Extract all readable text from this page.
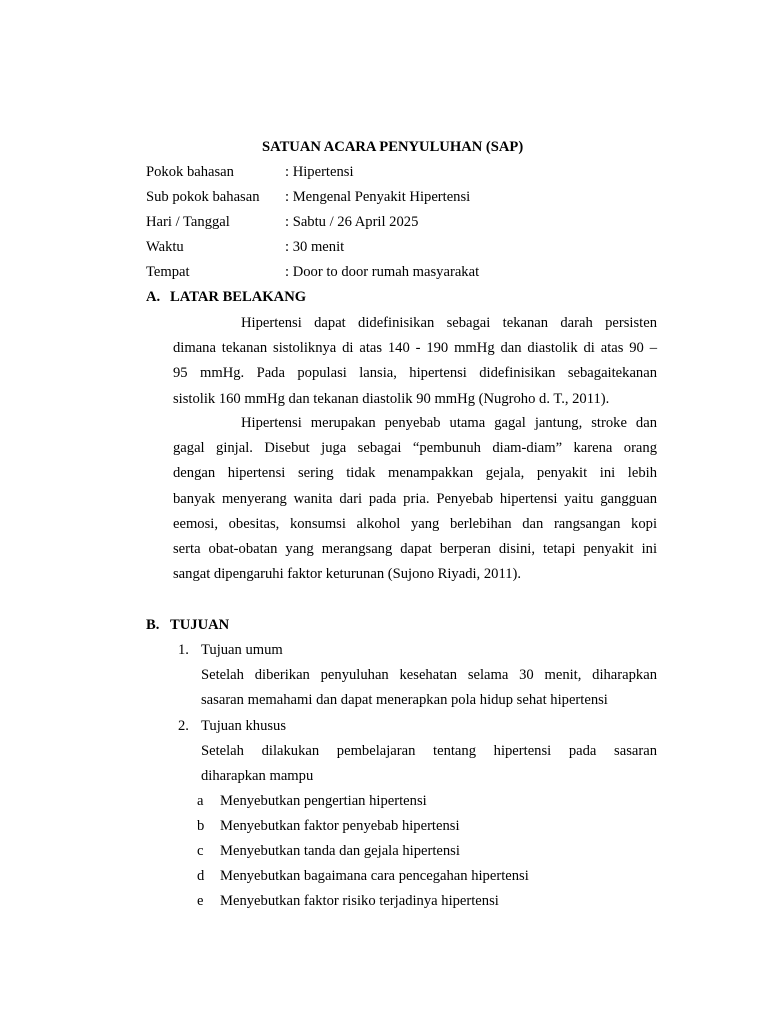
SATUAN ACARA PENYULUHAN (SAP)
Pokok bahasan	: Hipertensi
Sub pokok bahasan : Mengenal Penyakit Hipertensi
Hari / Tanggal	: Sabtu / 26 April 2025
Waktu	: 30 menit
Tempat	: Door to door rumah masyarakat
A. LATAR BELAKANG
Hipertensi dapat didefinisikan sebagai tekanan darah persisten
dimana tekanan sistoliknya di atas 140 - 190 mmHg dan diastolik di atas 90 –
95 mmHg. Pada populasi lansia, hipertensi didefinisikan sebagaitekanan
sistolik 160 mmHg dan tekanan diastolik 90 mmHg (Nugroho d. T., 2011).
Hipertensi merupakan penyebab utama gagal jantung, stroke dan
gagal ginjal. Disebut juga sebagai “pembunuh diam-diam” karena orang
dengan hipertensi sering tidak menampakkan gejala, penyakit ini lebih
banyak menyerang wanita dari pada pria. Penyebab hipertensi yaitu gangguan
eemosi, obesitas, konsumsi alkohol yang berlebihan dan rangsangan kopi
serta obat-obatan yang merangsang dapat berperan disini, tetapi penyakit ini
sangat dipengaruhi faktor keturunan (Sujono Riyadi, 2011).
B. TUJUAN
1. Tujuan umum
Setelah diberikan penyuluhan kesehatan selama 30 menit, diharapkan
sasaran memahami dan dapat menerapkan pola hidup sehat hipertensi
2. Tujuan khusus
Setelah dilakukan pembelajaran tentang hipertensi pada sasaran
diharapkan mampu
a Menyebutkan pengertian hipertensi
b Menyebutkan faktor penyebab hipertensi
c Menyebutkan tanda dan gejala hipertensi
d Menyebutkan bagaimana cara pencegahan hipertensi
e Menyebutkan faktor risiko terjadinya hipertensi
